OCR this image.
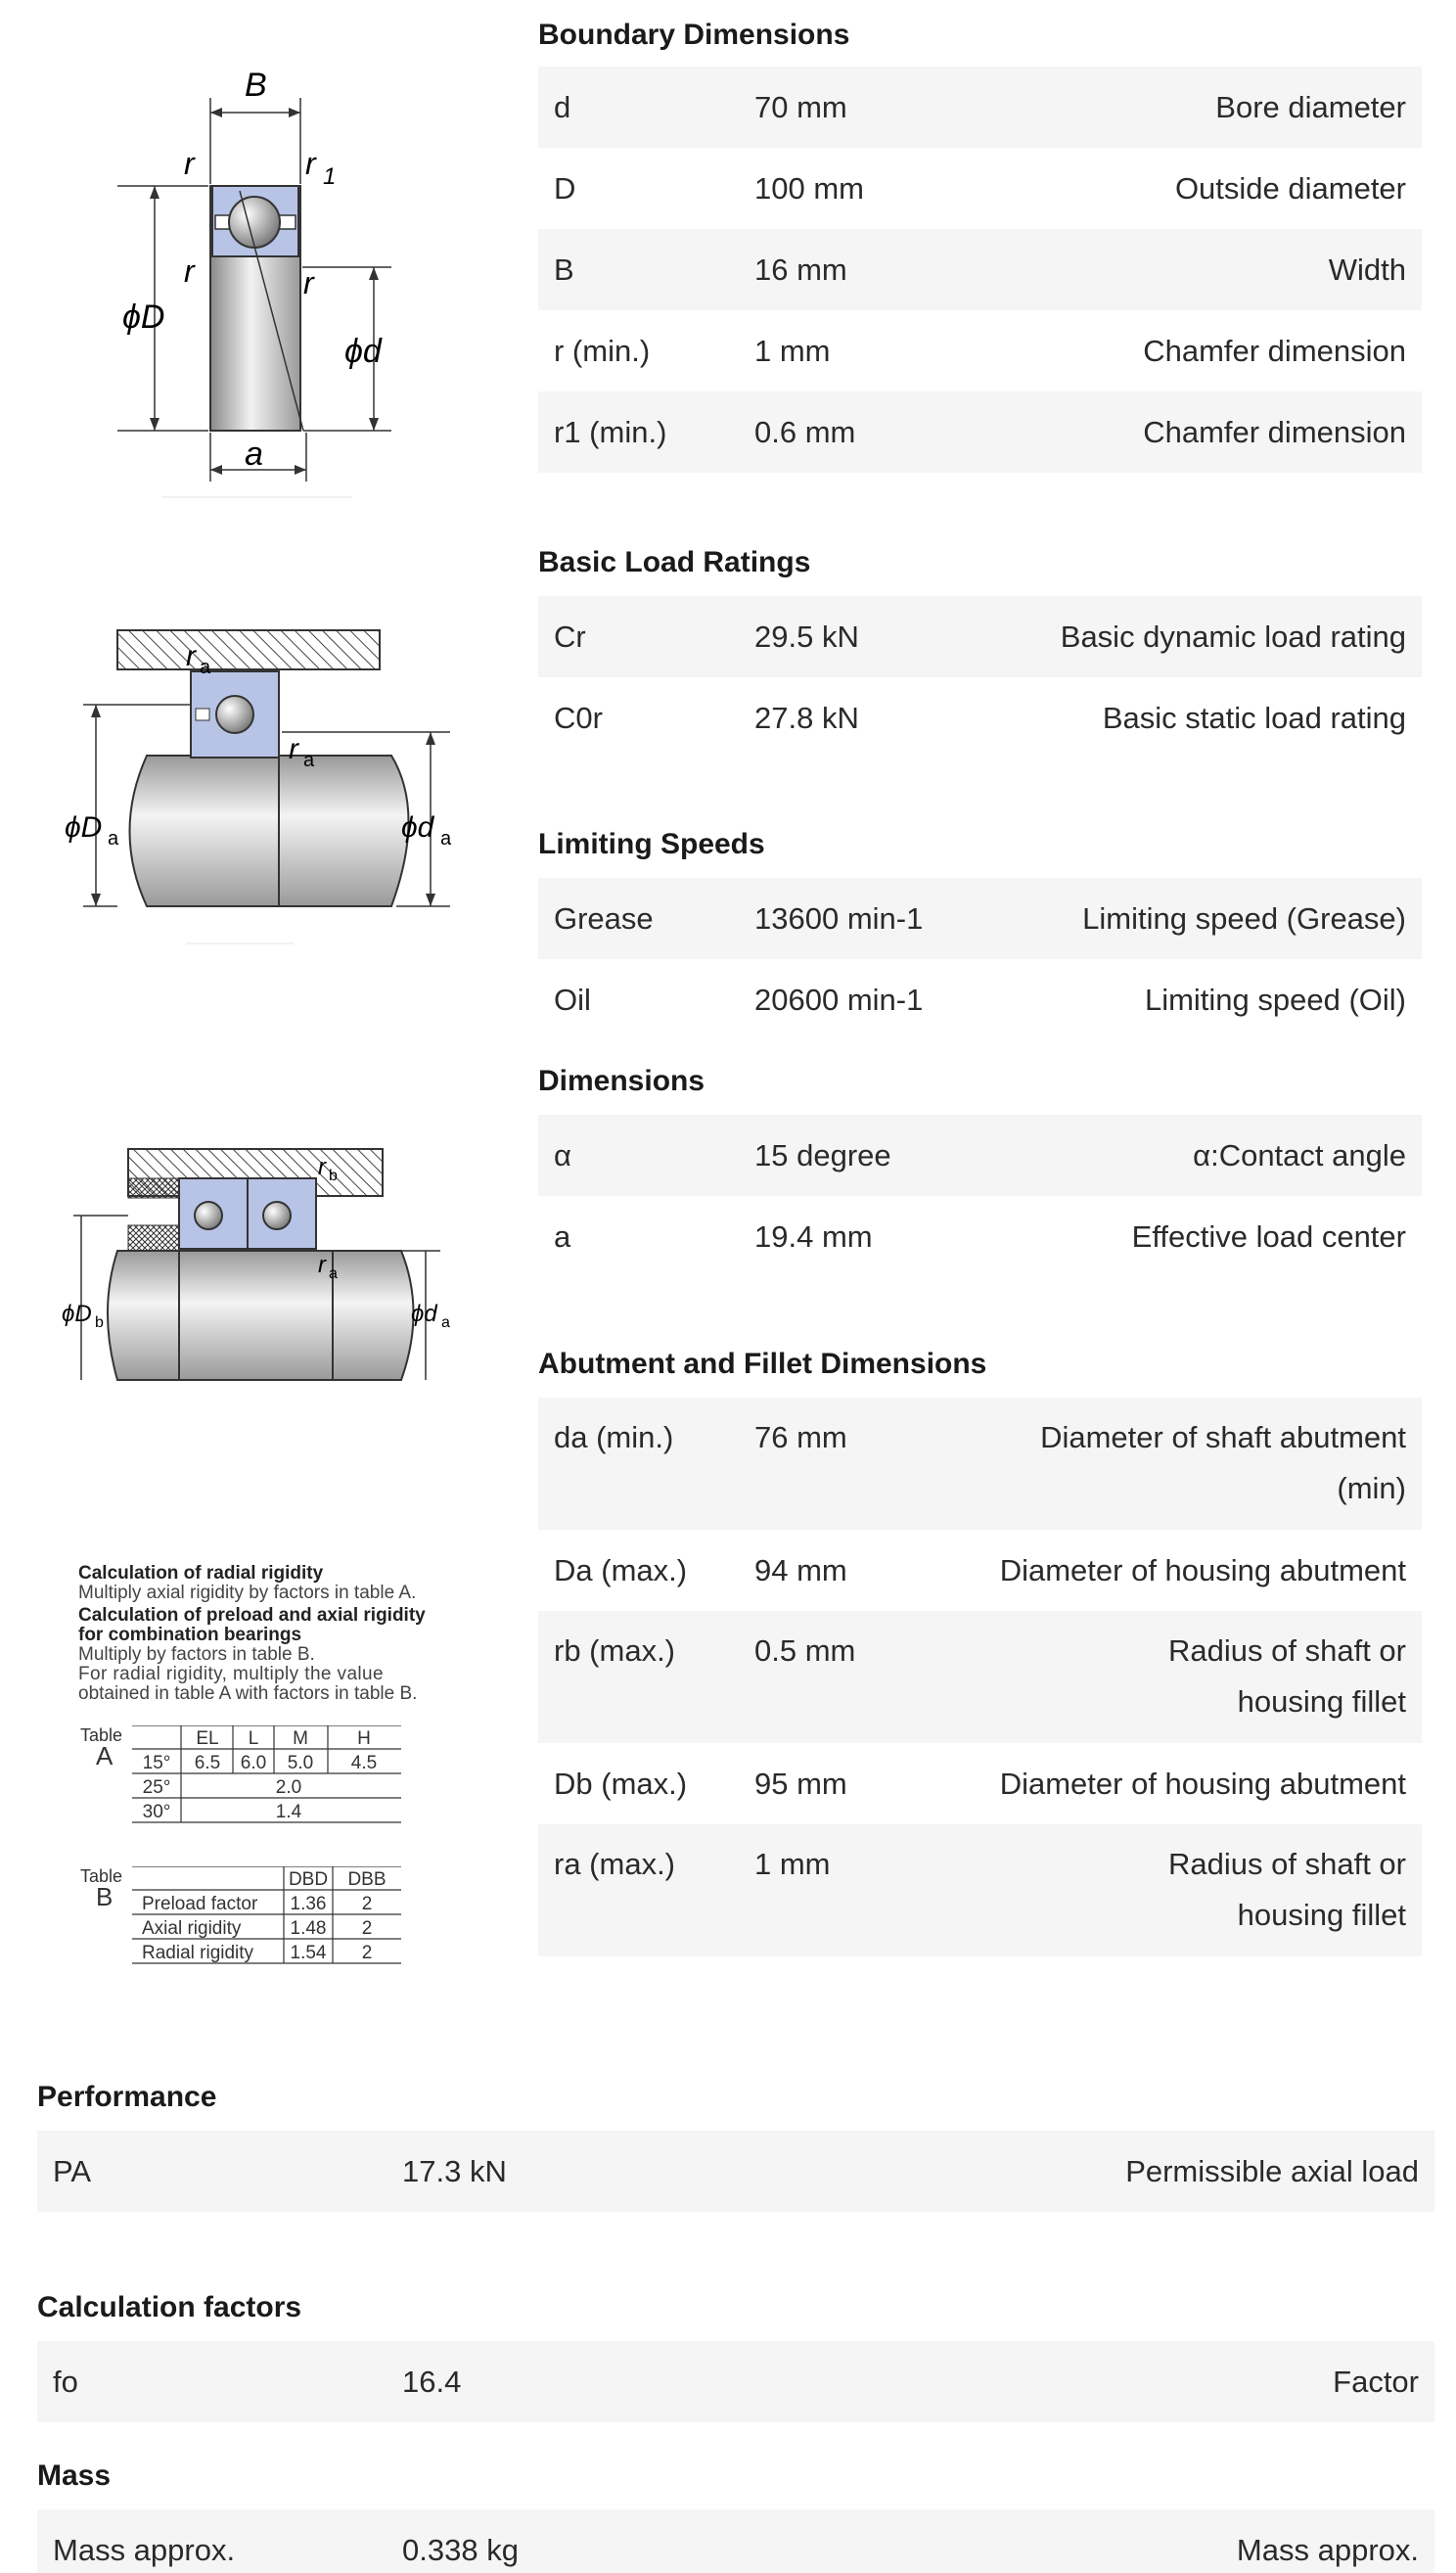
Boundary Dimensions
d	70 mm	Bore diameter
D	100 mm	Outside diameter
B	16 mm	Width
r (min.)	1 mm	Chamfer dimension
r1 (min.)	0.6 mm	Chamfer dimension
Basic Load Ratings
Cr	29.5 kN	Basic dynamic load rating
C0r	27.8 kN	Basic static load rating
Limiting Speeds
Grease	13600 min-1	Limiting speed (Grease)
Oil	20600 min-1	Limiting speed (Oil)
Dimensions
α	15 degree	α:Contact angle
a	19.4 mm	Effective load center
Abutment and Fillet Dimensions
da (min.)	76 mm	Diameter of shaft abutment (min)
Da (max.)	94 mm	Diameter of housing abutment
rb (max.)	0.5 mm	Radius of shaft or housing fillet
Db (max.)	95 mm	Diameter of housing abutment
ra (max.)	1 mm	Radius of shaft or housing fillet
B
r	r 1
r	r
ϕD
ϕd
a
r a
r a
ϕD a	ϕd a
r b
r a
ϕD b	ϕd a
Calculation of radial rigidity
Multiply axial rigidity by factors in table A.
Calculation of preload and axial rigidity
for combination bearings
Multiply by factors in table B.
For radial rigidity, multiply the value
obtained in table A with factors in table B.
Table
A
EL L M	H
15° 6.5 6.0 5.0 4.5
25°	2.0
30°	1.4
Table
B
DBD DBB
Preload factor 1.36 2
Axial rigidity	1.48 2
Radial rigidity 1.54 2
Performance
PA	17.3 kN	Permissible axial load
Calculation factors
fo	16.4	Factor
Mass
Mass approx.	0.338 kg	Mass approx.
